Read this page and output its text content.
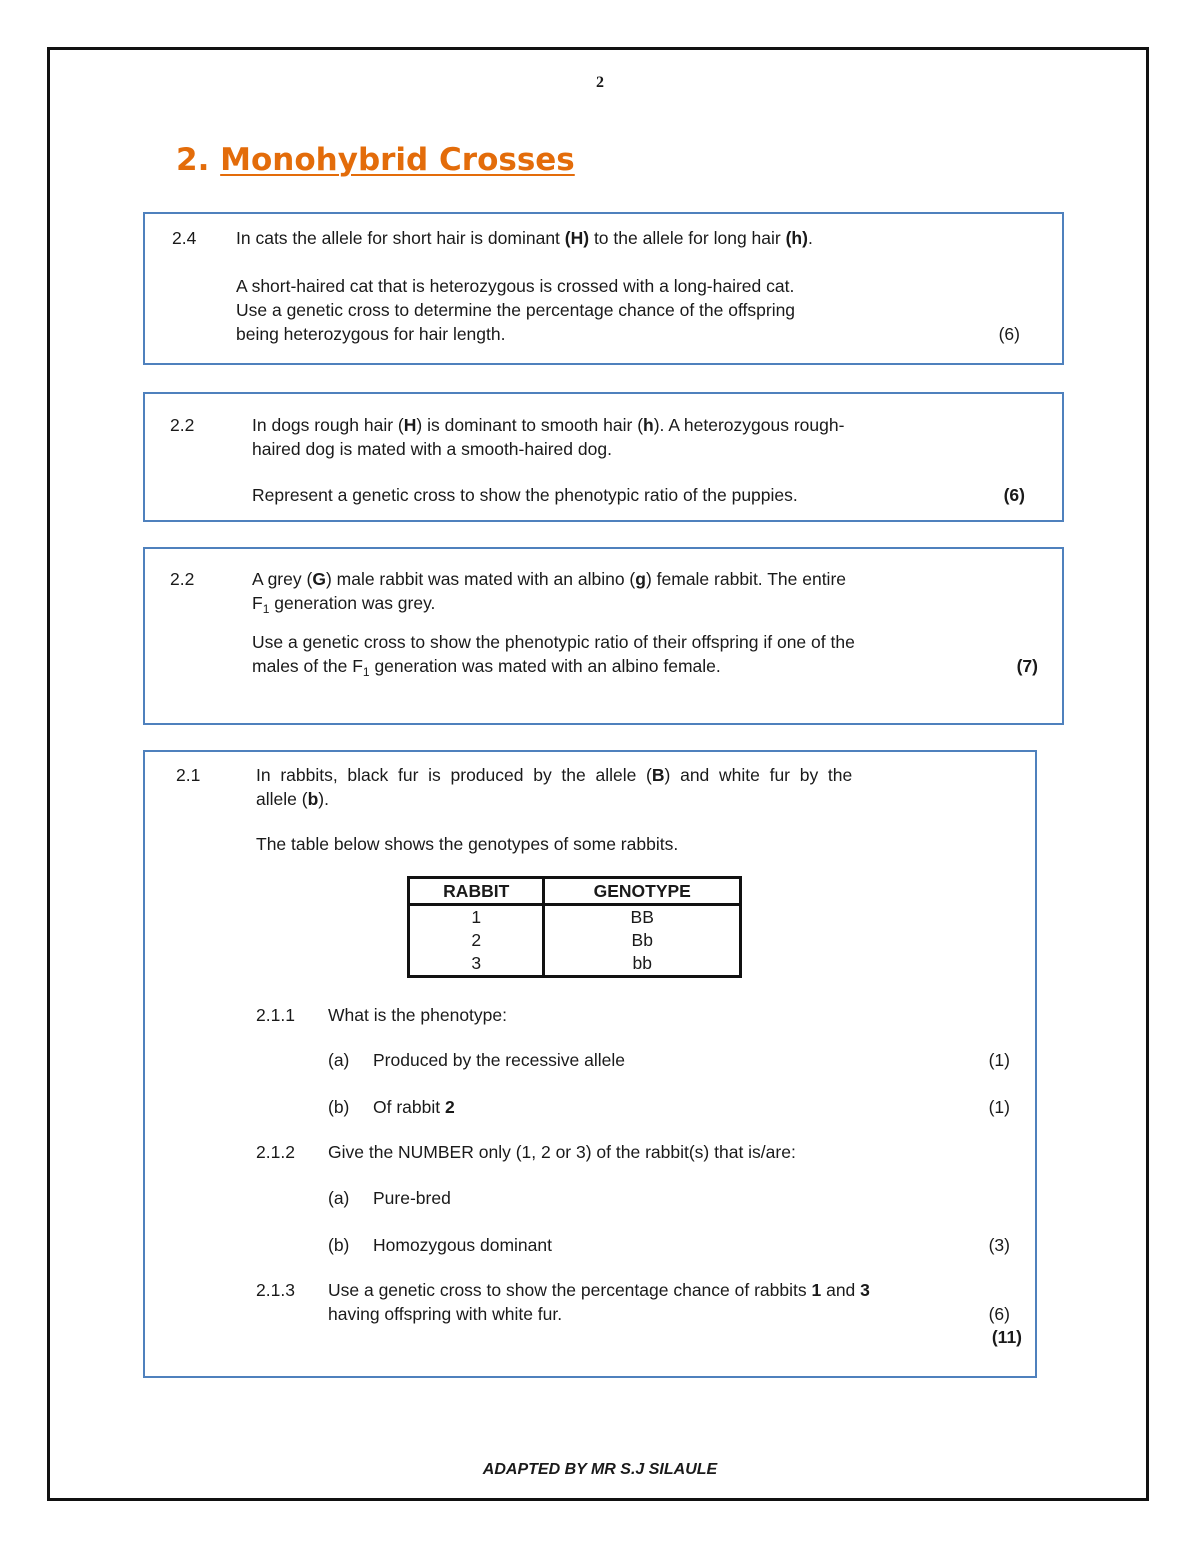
2
2. Monohybrid Crosses
2.4 In cats the allele for short hair is dominant (H) to the allele for long hair (h).
A short-haired cat that is heterozygous is crossed with a long-haired cat.
Use a genetic cross to determine the percentage chance of the offspring
being heterozygous for hair length.	(6)
2.2	In dogs rough hair (H) is dominant to smooth hair (h). A heterozygous rough-
haired dog is mated with a smooth-haired dog.
Represent a genetic cross to show the phenotypic ratio of the puppies.	(6)
2.2	A grey (G) male rabbit was mated with an albino (g) female rabbit. The entire
$F_1$ generation was grey.
Use a genetic cross to show the phenotypic ratio of their offspring if one of the
males of the $F_1$ generation was mated with an albino female.	(7)
2.1	In  rabbits,  black  fur  is  produced  by  the  allele  (B)  and  white  fur  by  the
allele (b).
The table below shows the genotypes of some rabbits.
RABBIT	GENOTYPE
1	BB
2	Bb
3	bb
2.1.1 What is the phenotype:
(a) Produced by the recessive allele	(1)
(b) Of rabbit 2	(1)
2.1.2 Give the NUMBER only (1, 2 or 3) of the rabbit(s) that is/are:
(a) Pure-bred
(b) Homozygous dominant	(3)
2.1.3 Use a genetic cross to show the percentage chance of rabbits 1 and 3
having offspring with white fur.	(6)
(11)
ADAPTED BY MR S.J SILAULE
